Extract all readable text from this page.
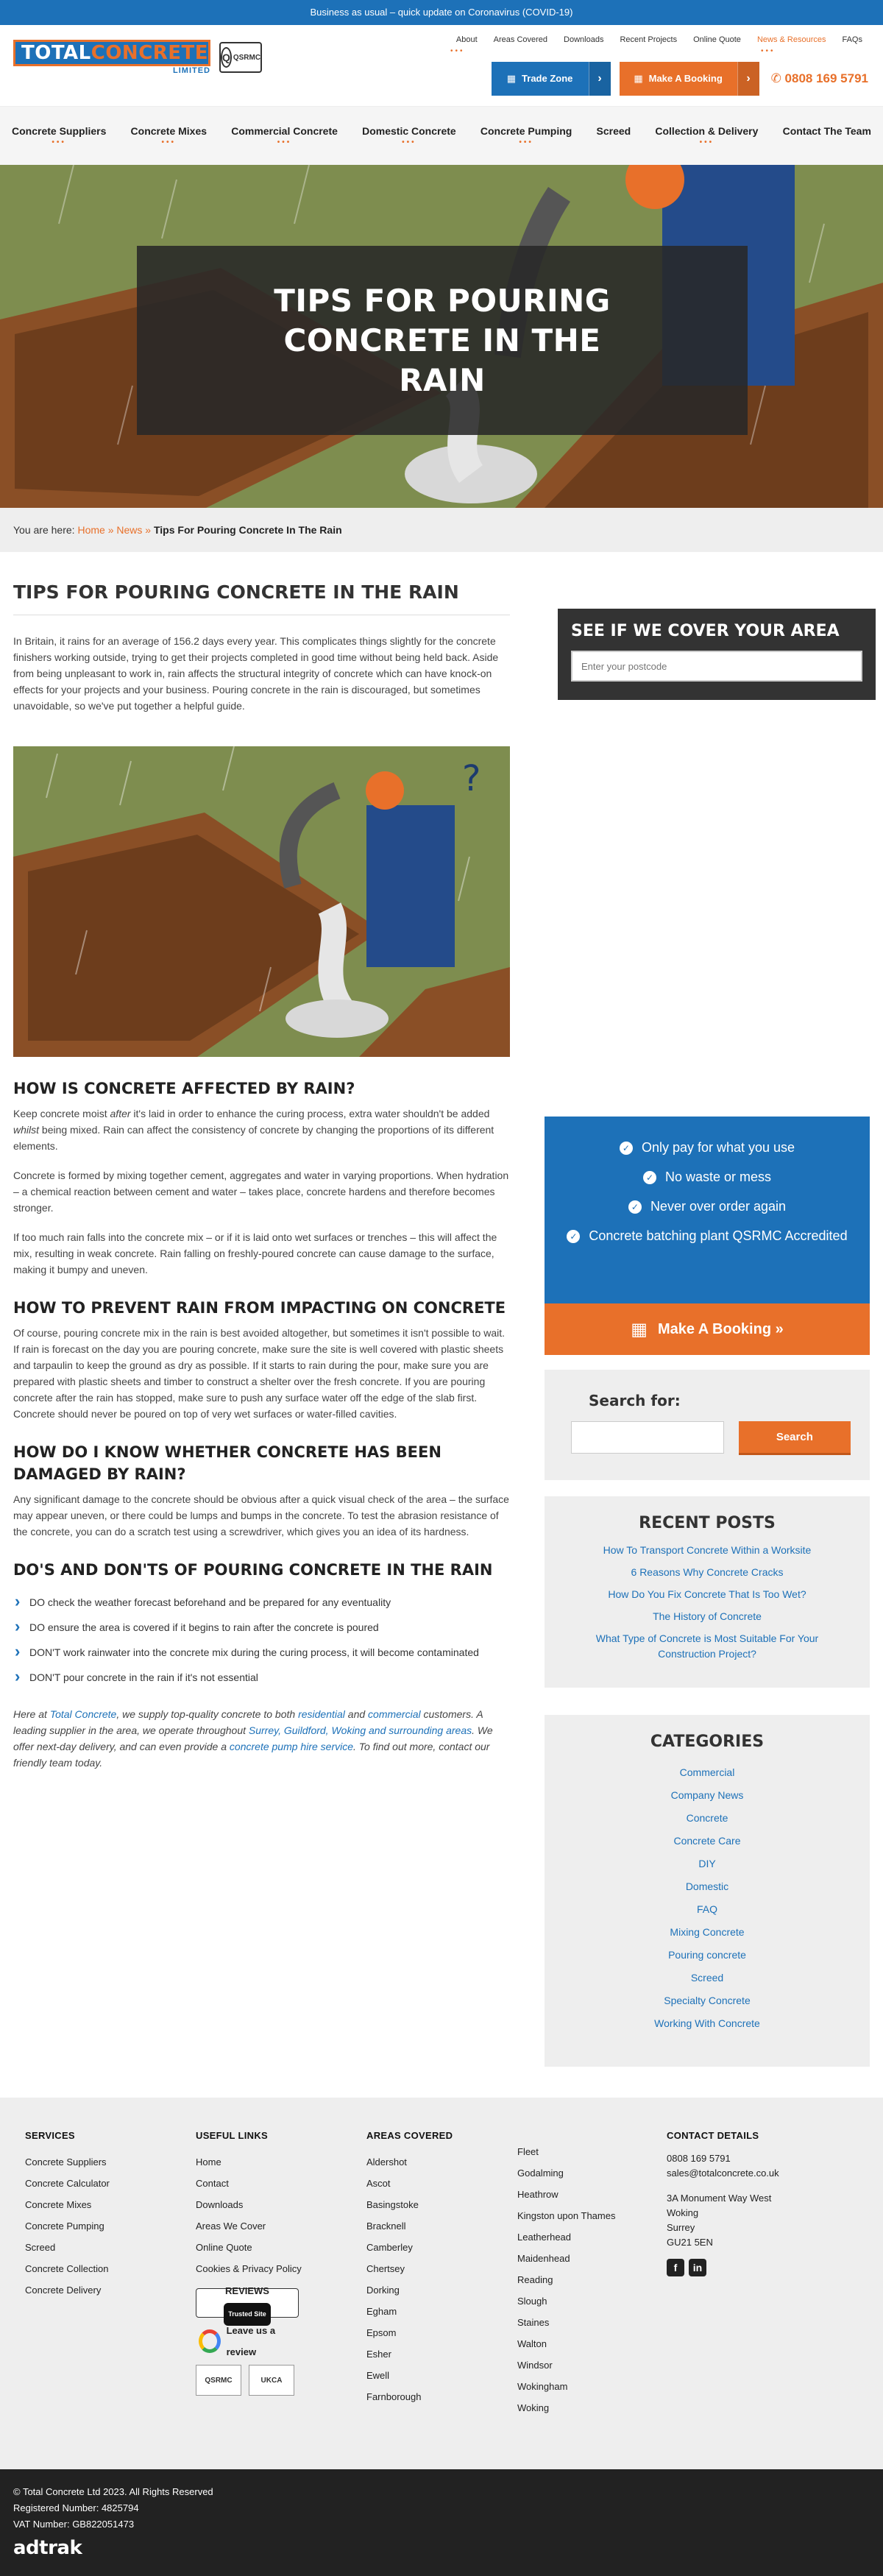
Business as usual – quick update on Coronavirus (COVID-19)
TOTALCONCRETE
LIMITED
Q QSRMC
About Areas Covered Downloads Recent Projects Online Quote News & Resources FAQs
•••	•••
▦ Trade Zone	›	▦ Make A Booking	›	✆ 0808 169 5791
Concrete Suppliers
•••
Concrete Mixes
•••
Commercial Concrete
•••
Domestic Concrete
•••
Concrete Pumping
•••
Screed Collection & Delivery
•••
Contact The Team
TIPS FOR POURING CONCRETE IN THE RAIN
You are here: Home » News » Tips For Pouring Concrete In The Rain
TIPS FOR POURING CONCRETE IN THE RAIN

In Britain, it rains for an average of 156.2 days every year. This complicates things slightly for the concrete finishers working outside, trying to get their projects completed in good time without being held back. Aside from being unpleasant to work in, rain affects the structural integrity of concrete which can have knock-on effects for your projects and your business. Pouring concrete in the rain is discouraged, but sometimes unavoidable, so we've put together a helpful guide.

?
HOW IS CONCRETE AFFECTED BY RAIN?

Keep concrete moist after it's laid in order to enhance the curing process, extra water shouldn't be added whilst being mixed. Rain can affect the consistency of concrete by changing the proportions of its different elements.

Concrete is formed by mixing together cement, aggregates and water in varying proportions. When hydration – a chemical reaction between cement and water – takes place, concrete hardens and therefore becomes stronger.

If too much rain falls into the concrete mix – or if it is laid onto wet surfaces or trenches – this will affect the mix, resulting in weak concrete. Rain falling on freshly-poured concrete can cause damage to the surface, making it bumpy and uneven.

HOW TO PREVENT RAIN FROM IMPACTING ON CONCRETE

Of course, pouring concrete mix in the rain is best avoided altogether, but sometimes it isn't possible to wait. If rain is forecast on the day you are pouring concrete, make sure the site is well covered with plastic sheets and tarpaulin to keep the ground as dry as possible. If it starts to rain during the pour, make sure you are prepared with plastic sheets and timber to construct a shelter over the fresh concrete. If you are pouring concrete after the rain has stopped, make sure to push any surface water off the edge of the slab first. Concrete should never be poured on top of very wet surfaces or water-filled cavities.

HOW DO I KNOW WHETHER CONCRETE HAS BEEN DAMAGED BY RAIN?

Any significant damage to the concrete should be obvious after a quick visual check of the area – the surface may appear uneven, or there could be lumps and bumps in the concrete. To test the abrasion resistance of the concrete, you can do a scratch test using a screwdriver, which gives you an idea of its hardness.

DO'S AND DON'TS OF POURING CONCRETE IN THE RAIN
› DO check the weather forecast beforehand and be prepared for any eventuality
› DO ensure the area is covered if it begins to rain after the concrete is poured
› DON'T work rainwater into the concrete mix during the curing process, it will become contaminated
› DON'T pour concrete in the rain if it's not essential

Here at Total Concrete, we supply top-quality concrete to both residential and commercial customers. A leading supplier in the area, we operate throughout Surrey, Guildford, Woking and surrounding areas. We offer next-day delivery, and can even provide a concrete pump hire service. To find out more, contact our friendly team today.

SEE IF WE COVER YOUR AREA
Enter your postcode
✓ Only pay for what you use
✓ No waste or mess
✓ Never over order again
✓ Concrete batching plant QSRMC Accredited
▦ Make A Booking »
Search for:
Search
RECENT POSTS
How To Transport Concrete Within a Worksite
6 Reasons Why Concrete Cracks
How Do You Fix Concrete That Is Too Wet?
The History of Concrete
What Type of Concrete is Most Suitable For Your Construction Project?
CATEGORIES
Commercial
Company News
Concrete
Concrete Care
DIY
Domestic
FAQ
Mixing Concrete
Pouring concrete
Screed
Specialty Concrete
Working With Concrete
SERVICES
Concrete Suppliers
Concrete Calculator
Concrete Mixes
Concrete Pumping
Screed
Concrete Collection
Concrete Delivery
USEFUL LINKS
Home
Contact
Downloads
Areas We Cover
Online Quote
Cookies & Privacy Policy
REVIEWS
Trusted Site
Leave us a review
QSRMC	UKCA
AREAS COVERED
Aldershot
Ascot
Basingstoke
Bracknell
Camberley
Chertsey
Dorking
Egham
Epsom
Esher
Ewell
Farnborough
Fleet
Godalming
Heathrow
Kingston upon Thames
Leatherhead
Maidenhead
Reading
Slough
Staines
Walton
Windsor
Wokingham
Woking
CONTACT DETAILS
0808 169 5791
sales@totalconcrete.co.uk
3A Monument Way West
Woking
Surrey
GU21 5EN
f	in
© Total Concrete Ltd 2023. All Rights Reserved
Registered Number: 4825794
VAT Number: GB822051473
adtrak
